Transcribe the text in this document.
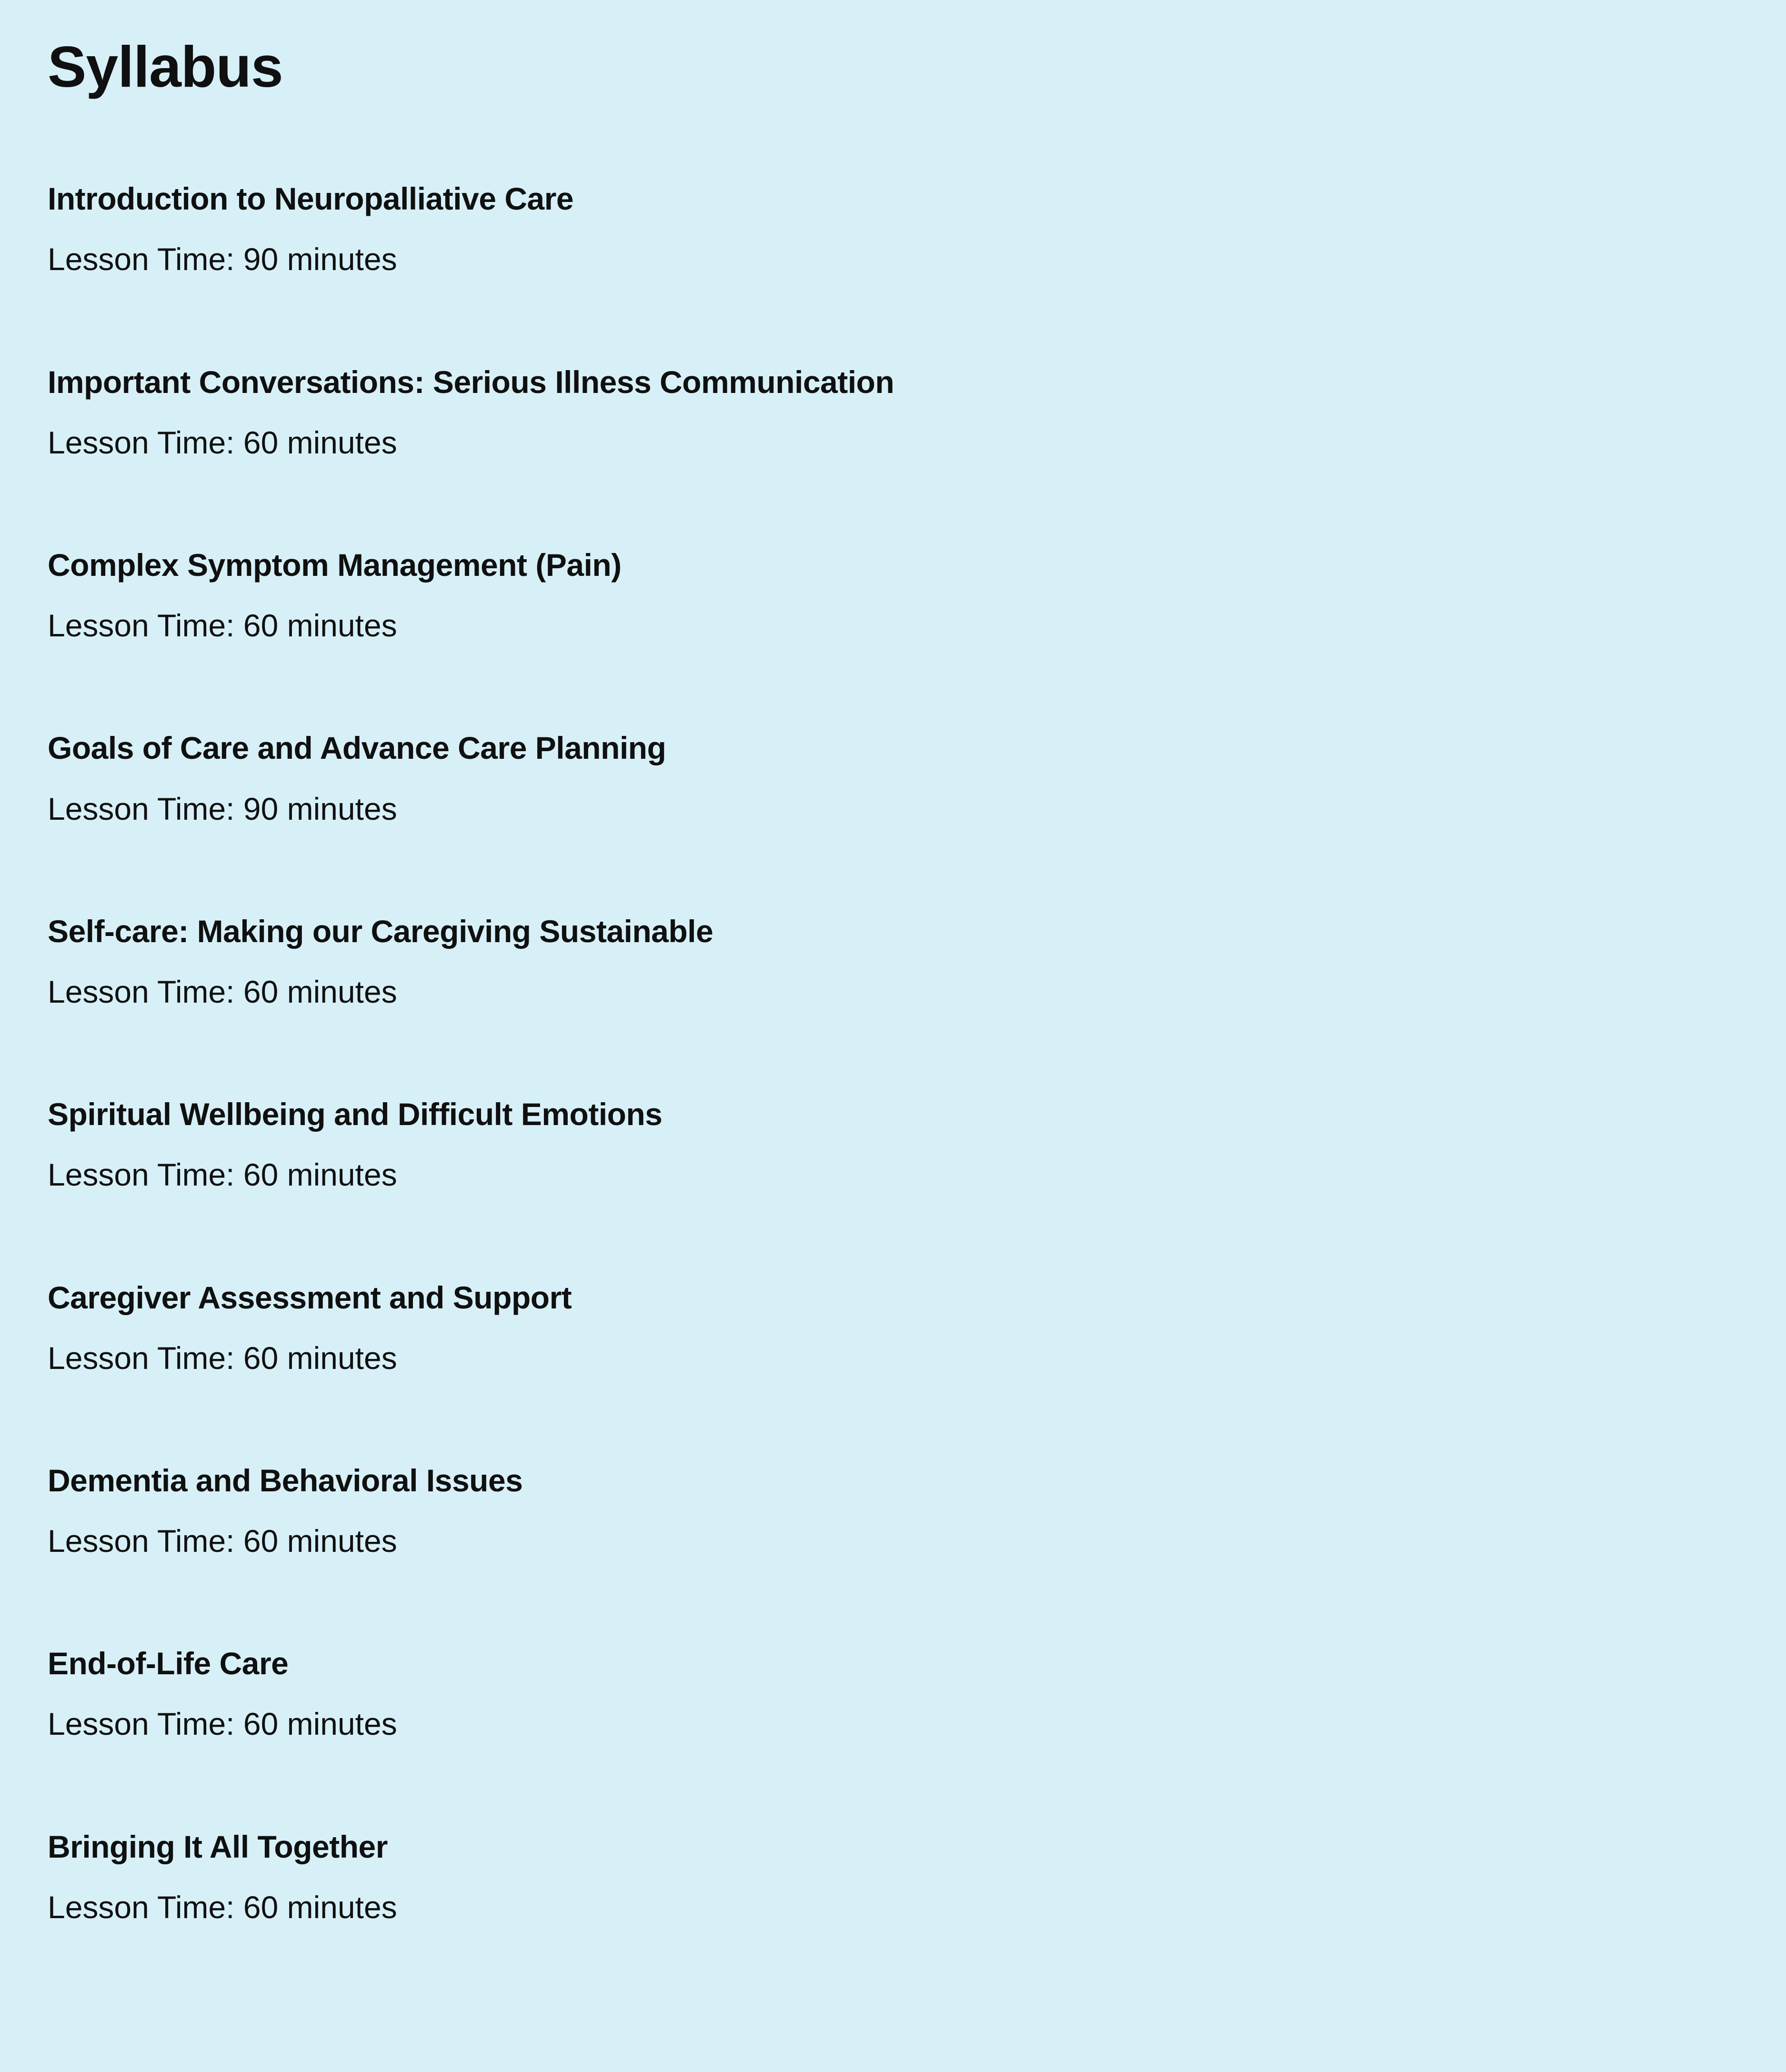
Syllabus
Introduction to Neuropalliative Care

Lesson Time: 90 minutes

Important Conversations: Serious Illness Communication

Lesson Time: 60 minutes

Complex Symptom Management (Pain)

Lesson Time: 60 minutes

Goals of Care and Advance Care Planning

Lesson Time: 90 minutes

Self-care: Making our Caregiving Sustainable

Lesson Time: 60 minutes

Spiritual Wellbeing and Difficult Emotions

Lesson Time: 60 minutes

Caregiver Assessment and Support

Lesson Time: 60 minutes

Dementia and Behavioral Issues

Lesson Time: 60 minutes

End-of-Life Care

Lesson Time: 60 minutes

Bringing It All Together

Lesson Time: 60 minutes
